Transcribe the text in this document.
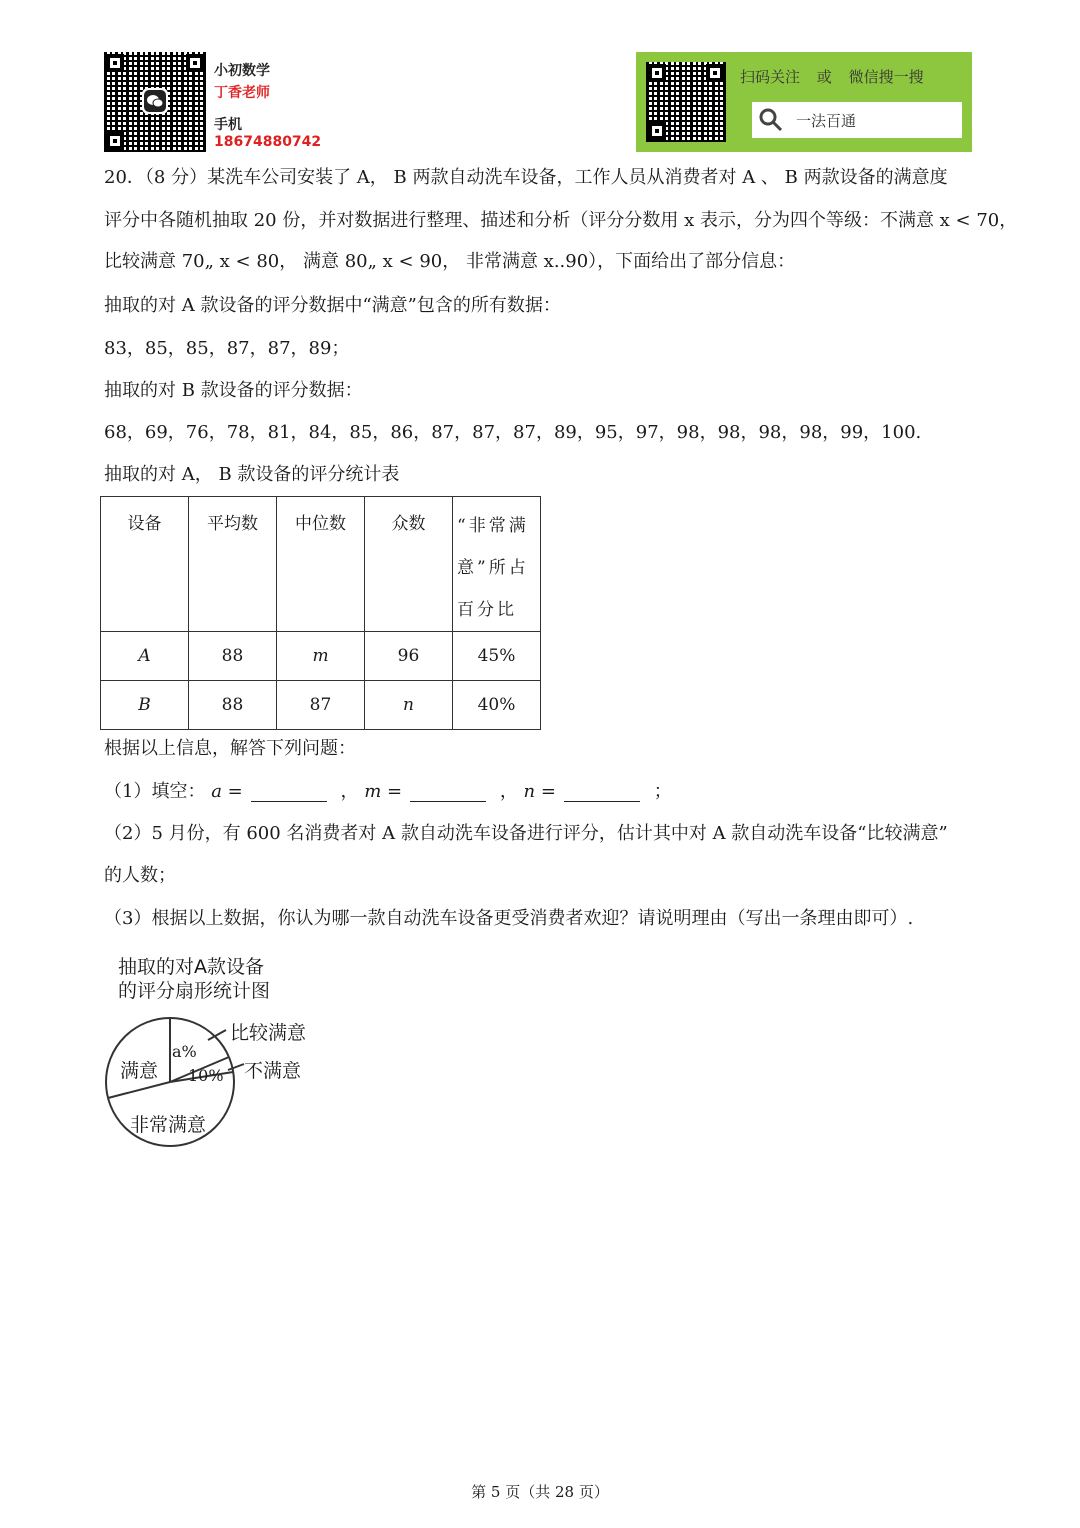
小初数学
丁香老师
手机
18674880742
扫码关注 或 微信搜一搜
一法百通
20．（8 分）某洗车公司安装了 A， B 两款自动洗车设备，工作人员从消费者对 A 、 B 两款设备的满意度
评分中各随机抽取 20 份，并对数据进行整理、描述和分析（评分分数用 x 表示，分为四个等级：不满意 x < 70，
比较满意 70„ x < 80， 满意 80„ x < 90， 非常满意 x..90），下面给出了部分信息：
抽取的对 A 款设备的评分数据中“满意”包含的所有数据：
83，85，85，87，87，89；
抽取的对 B 款设备的评分数据：
68，69，76，78，81，84，85，86，87，87，87，89，95，97，98，98，98，98，99，100.
抽取的对 A， B 款设备的评分统计表
设备	平均数	中位数	众数	“非常满意”所占百分比
A	88	m	96	45%
B	88	87	n	40%
根据以上信息，解答下列问题：
（1）填空： a =	， m =	， n =	；
（2）5 月份，有 600 名消费者对 A 款自动洗车设备进行评分，估计其中对 A 款自动洗车设备“比较满意”
的人数；
（3）根据以上数据，你认为哪一款自动洗车设备更受消费者欢迎？请说明理由（写出一条理由即可）.
抽取的对A款设备
的评分扇形统计图
满意
a%
10%
比较满意
不满意
非常满意
第 5 页（共 28 页）
